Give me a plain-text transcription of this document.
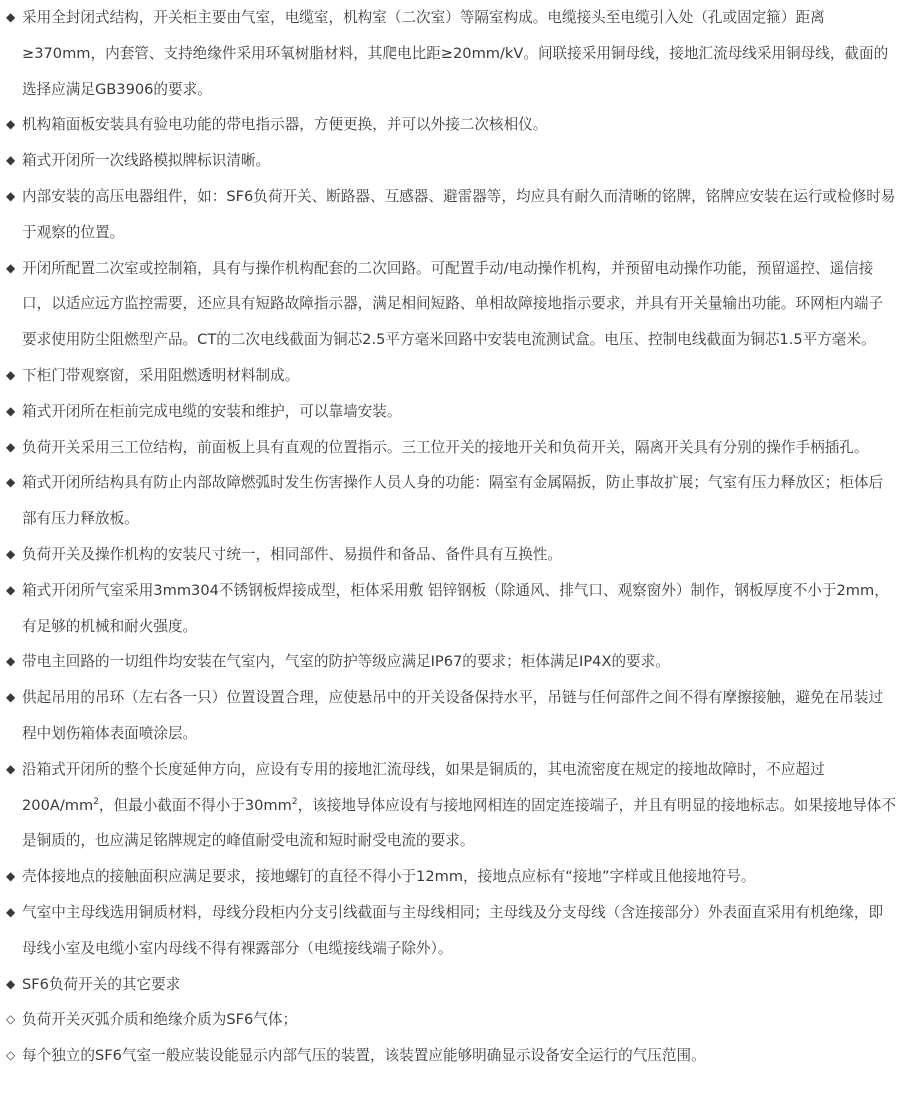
◆ 采用全封闭式结构，开关柜主要由气室，电缆室，机构室（二次室）等隔室构成。电缆接头至电缆引入处（孔或固定箍）距离≥370mm，内套管、支持绝缘件采用环氧树脂材料，其爬电比距≥20mm/kV。间联接采用铜母线，接地汇流母线采用铜母线，截面的选择应满足GB3906的要求。
◆ 机构箱面板安装具有验电功能的带电指示器，方便更换，并可以外接二次核相仪。
◆ 箱式开闭所一次线路模拟牌标识清晰。
◆ 内部安装的高压电器组件，如：SF6负荷开关、断路器、互感器、避雷器等，均应具有耐久而清晰的铭牌，铭牌应安装在运行或检修时易于观察的位置。
◆ 开闭所配置二次室或控制箱，具有与操作机构配套的二次回路。可配置手动/电动操作机构，并预留电动操作功能，预留遥控、遥信接口，以适应远方监控需要，还应具有短路故障指示器，满足相间短路、单相故障接地指示要求，并具有开关量输出功能。环网柜内端子要求使用防尘阻燃型产品。CT的二次电线截面为铜芯2.5平方毫米回路中安装电流测试盒。电压、控制电线截面为铜芯1.5平方毫米。
◆ 下柜门带观察窗，采用阻燃透明材料制成。
◆ 箱式开闭所在柜前完成电缆的安装和维护，可以靠墙安装。
◆ 负荷开关采用三工位结构，前面板上具有直观的位置指示。三工位开关的接地开关和负荷开关，隔离开关具有分别的操作手柄插孔。
◆ 箱式开闭所结构具有防止内部故障燃弧时发生伤害操作人员人身的功能：隔室有金属隔扳，防止事故扩展；气室有压力释放区；柜体后部有压力释放板。
◆ 负荷开关及操作机构的安装尺寸统一，相同部件、易损件和备品、备件具有互换性。
◆ 箱式开闭所气室采用3mm304不锈钢板焊接成型，柜体采用敷 铝锌钢板（除通风、排气口、观察窗外）制作，钢板厚度不小于2mm，有足够的机械和耐火强度。
◆ 带电主回路的一切组件均安装在气室内，气室的防护等级应满足IP67的要求；柜体满足IP4X的要求。
◆ 供起吊用的吊环（左右各一只）位置设置合理，应使悬吊中的开关设备保持水平，吊链与任何部件之间不得有摩擦接触，避免在吊装过程中划伤箱体表面喷涂层。
◆ 沿箱式开闭所的整个长度延伸方向，应设有专用的接地汇流母线，如果是铜质的，其电流密度在规定的接地故障时，不应超过$200A/mm^2$，但最小截面不得小于$30mm^2$，该接地导体应设有与接地网相连的固定连接端子，并且有明显的接地标志。如果接地导体不是铜质的，也应满足铭牌规定的峰值耐受电流和短时耐受电流的要求。
◆ 壳体接地点的接触面积应满足要求，接地螺钉的直径不得小于12mm，接地点应标有“接地”字样或且他接地符号。
◆ 气室中主母线选用铜质材料，母线分段柜内分支引线截面与主母线相同；主母线及分支母线（含连接部分）外表面直采用有机绝缘，即母线小室及电缆小室内母线不得有裸露部分（电缆接线端子除外）。
◆ SF6负荷开关的其它要求
◇ 负荷开关灭弧介质和绝缘介质为SF6气体；
◇ 每个独立的SF6气室一般应装设能显示内部气压的装置，该装置应能够明确显示设备安全运行的气压范围。
